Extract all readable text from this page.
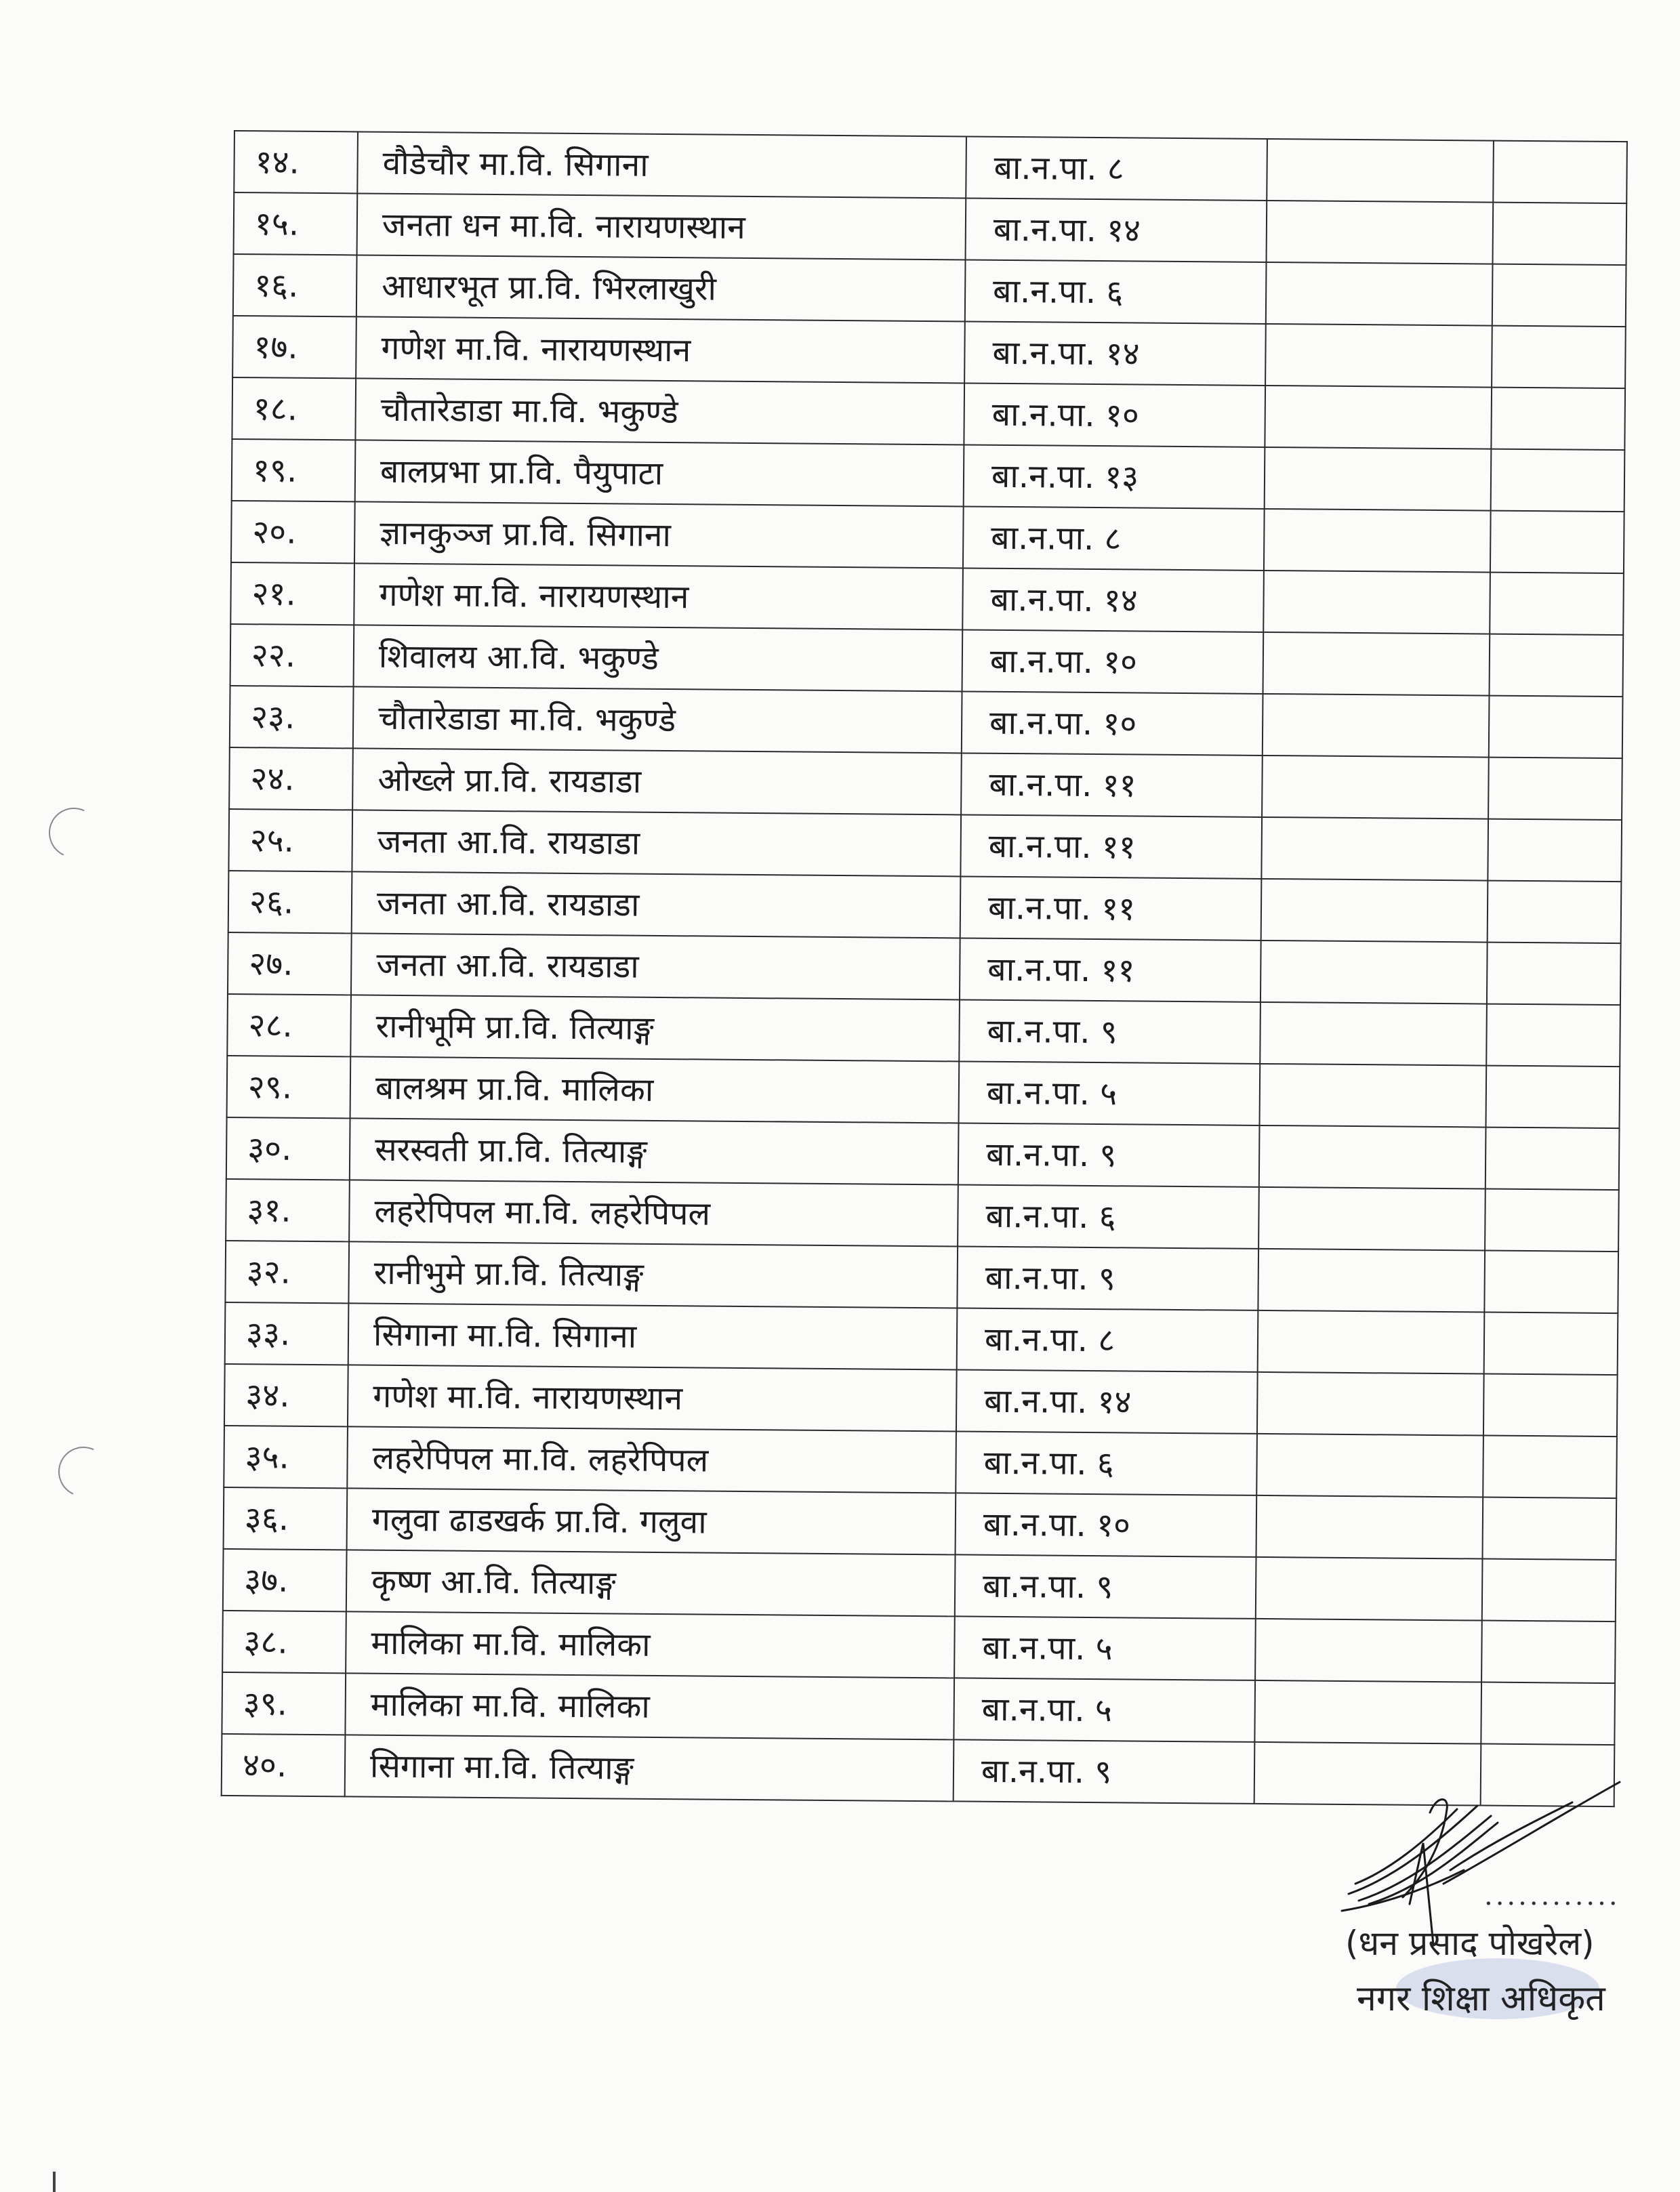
१४.	वौडेचौर मा.वि. सिगाना	बा.न.पा. ८		
१५.	जनता धन मा.वि. नारायणस्थान	बा.न.पा. १४		
१६.	आधारभूत प्रा.वि. भिरलाखुरी	बा.न.पा. ६		
१७.	गणेश मा.वि. नारायणस्थान	बा.न.पा. १४		
१८.	चौतारेडाडा मा.वि. भकुण्डे	बा.न.पा. १०		
१९.	बालप्रभा प्रा.वि. पैयुपाटा	बा.न.पा. १३		
२०.	ज्ञानकुञ्ज प्रा.वि. सिगाना	बा.न.पा. ८		
२१.	गणेश मा.वि. नारायणस्थान	बा.न.पा. १४		
२२.	शिवालय आ.वि. भकुण्डे	बा.न.पा. १०		
२३.	चौतारेडाडा मा.वि. भकुण्डे	बा.न.पा. १०		
२४.	ओख्ले प्रा.वि. रायडाडा	बा.न.पा. ११		
२५.	जनता आ.वि. रायडाडा	बा.न.पा. ११		
२६.	जनता आ.वि. रायडाडा	बा.न.पा. ११		
२७.	जनता आ.वि. रायडाडा	बा.न.पा. ११		
२८.	रानीभूमि प्रा.वि. तित्याङ्ग	बा.न.पा. ९		
२९.	बालश्रम प्रा.वि. मालिका	बा.न.पा. ५		
३०.	सरस्वती प्रा.वि. तित्याङ्ग	बा.न.पा. ९		
३१.	लहरेपिपल मा.वि. लहरेपिपल	बा.न.पा. ६		
३२.	रानीभुमे प्रा.वि. तित्याङ्ग	बा.न.पा. ९		
३३.	सिगाना मा.वि. सिगाना	बा.न.पा. ८		
३४.	गणेश मा.वि. नारायणस्थान	बा.न.पा. १४		
३५.	लहरेपिपल मा.वि. लहरेपिपल	बा.न.पा. ६		
३६.	गलुवा ढाडखर्क प्रा.वि. गलुवा	बा.न.पा. १०		
३७.	कृष्ण आ.वि. तित्याङ्ग	बा.न.पा. ९		
३८.	मालिका मा.वि. मालिका	बा.न.पा. ५		
३९.	मालिका मा.वि. मालिका	बा.न.पा. ५		
४०.	सिगाना मा.वि. तित्याङ्ग	बा.न.पा. ९		
............
(धन प्रसाद पोखरेल)
नगर शिक्षा अधिकृत
